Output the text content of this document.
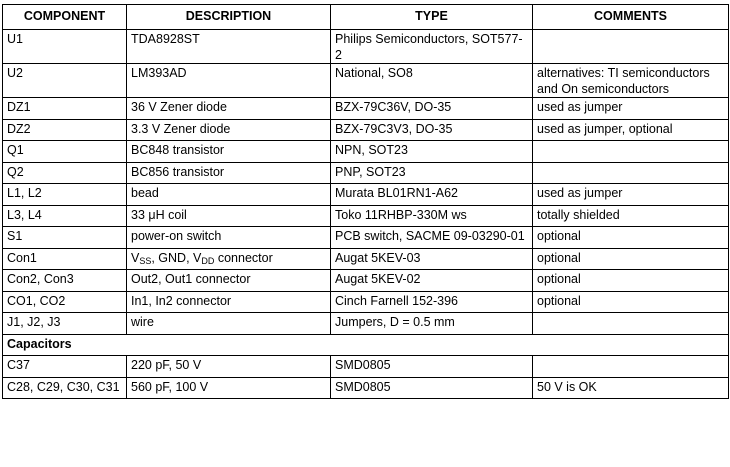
COMPONENT	DESCRIPTION	TYPE	COMMENTS
U1	TDA8928ST	Philips Semiconductors, SOT577-2	
U2	LM393AD	National, SO8	alternatives: TI semiconductors and On semiconductors
DZ1	36 V Zener diode	BZX-79C36V, DO-35	used as jumper
DZ2	3.3 V Zener diode	BZX-79C3V3, DO-35	used as jumper, optional
Q1	BC848 transistor	NPN, SOT23	
Q2	BC856 transistor	PNP, SOT23	
L1, L2	bead	Murata BL01RN1-A62	used as jumper
L3, L4	33 μH coil	Toko 11RHBP-330M ws	totally shielded
S1	power-on switch	PCB switch, SACME 09-03290-01	optional
Con1	$V_{SS}$, GND, $V_{DD}$ connector	Augat 5KEV-03	optional
Con2, Con3	Out2, Out1 connector	Augat 5KEV-02	optional
CO1, CO2	In1, In2 connector	Cinch Farnell 152-396	optional
J1, J2, J3	wire	Jumpers, D = 0.5 mm	
Capacitors			
C37	220 pF, 50 V	SMD0805	
C28, C29, C30, C31	560 pF, 100 V	SMD0805	50 V is OK
